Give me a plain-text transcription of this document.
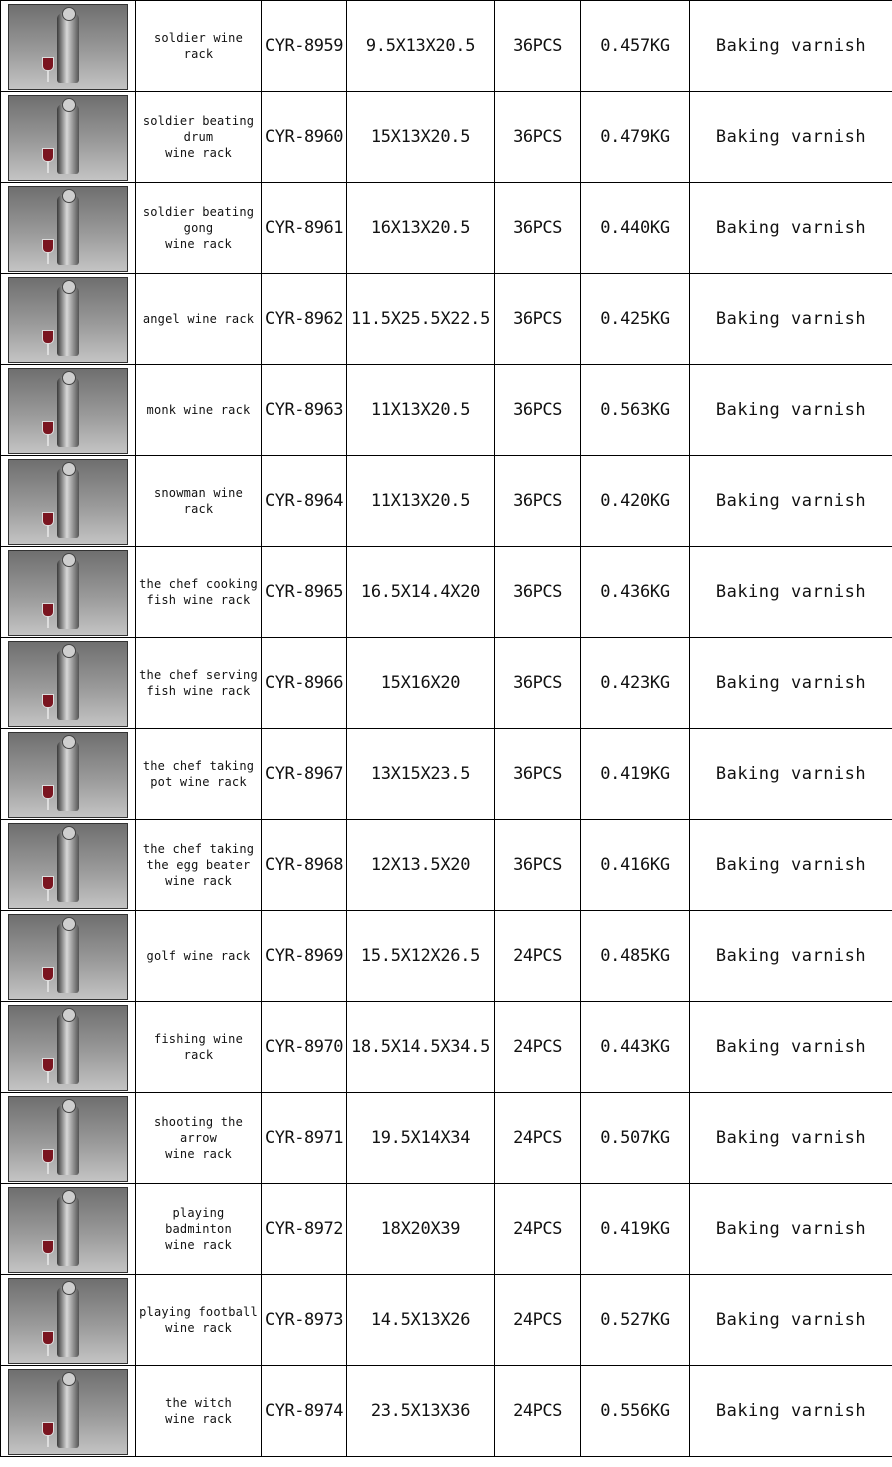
	soldier wine rack	CYR-8959	9.5X13X20.5	36PCS	0.457KG	Baking varnish

	soldier beating
drum
wine rack	CYR-8960	15X13X20.5	36PCS	0.479KG	Baking varnish

	soldier beating
gong
wine rack	CYR-8961	16X13X20.5	36PCS	0.440KG	Baking varnish

	angel wine rack	CYR-8962	11.5X25.5X22.5	36PCS	0.425KG	Baking varnish

	monk wine rack	CYR-8963	11X13X20.5	36PCS	0.563KG	Baking varnish

	snowman wine rack	CYR-8964	11X13X20.5	36PCS	0.420KG	Baking varnish

	the chef cooking
fish wine rack	CYR-8965	16.5X14.4X20	36PCS	0.436KG	Baking varnish

	the chef serving
fish wine rack	CYR-8966	15X16X20	36PCS	0.423KG	Baking varnish

	the chef taking
pot wine rack	CYR-8967	13X15X23.5	36PCS	0.419KG	Baking varnish

	the chef taking
the egg beater
wine rack	CYR-8968	12X13.5X20	36PCS	0.416KG	Baking varnish

	golf wine rack	CYR-8969	15.5X12X26.5	24PCS	0.485KG	Baking varnish

	fishing wine
rack	CYR-8970	18.5X14.5X34.5	24PCS	0.443KG	Baking varnish

	shooting the arrow
wine rack	CYR-8971	19.5X14X34	24PCS	0.507KG	Baking varnish

	playing badminton
wine rack	CYR-8972	18X20X39	24PCS	0.419KG	Baking varnish

	playing football
wine rack	CYR-8973	14.5X13X26	24PCS	0.527KG	Baking varnish

	the witch
wine rack	CYR-8974	23.5X13X36	24PCS	0.556KG	Baking varnish
